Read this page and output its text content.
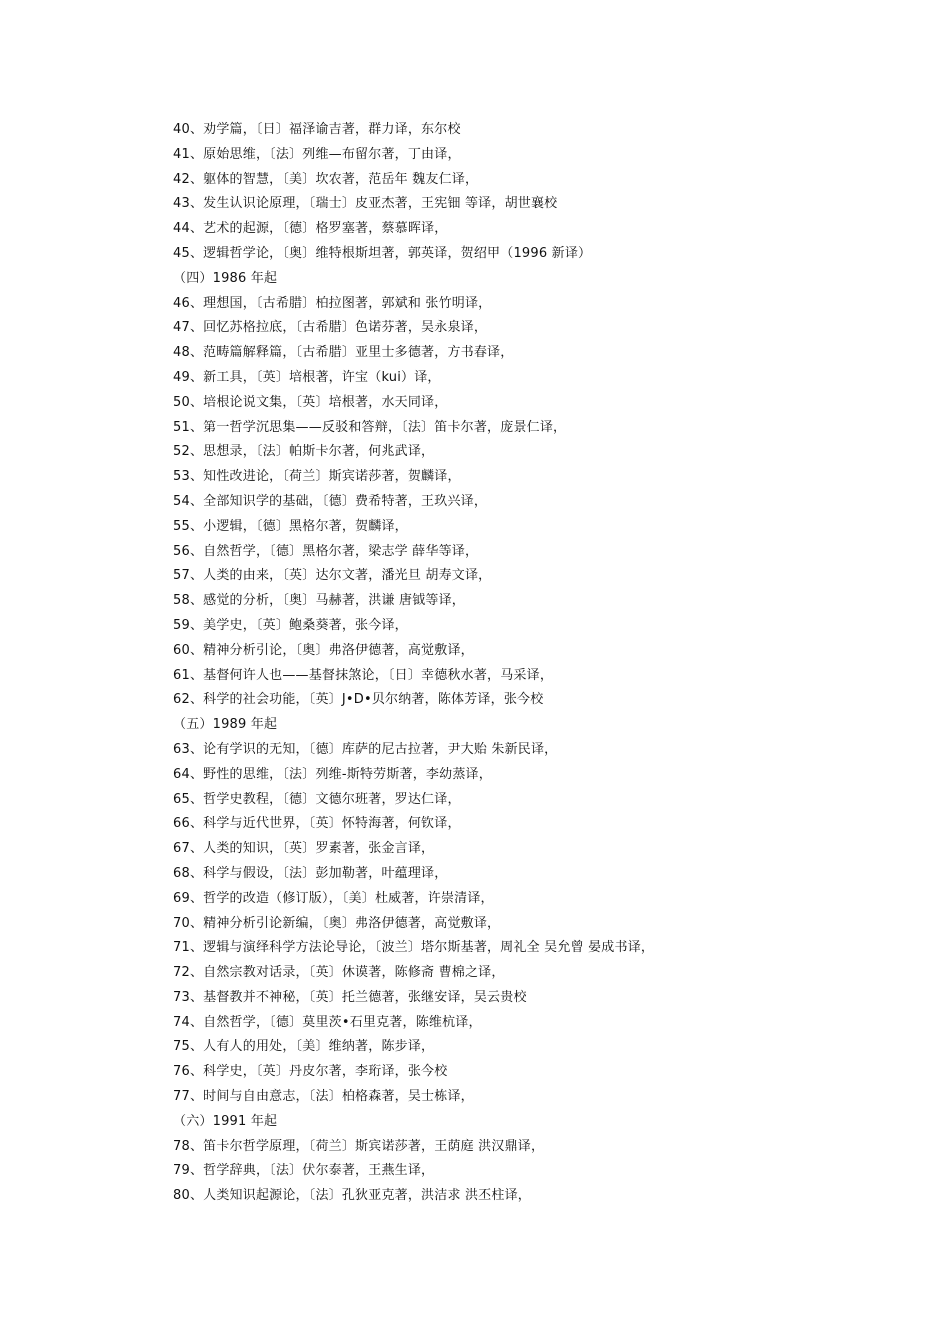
40、劝学篇，〔日〕福泽谕吉著，群力译，东尔校
41、原始思维，〔法〕列维—布留尔著，丁由译，
42、躯体的智慧，〔美〕坎农著，范岳年 魏友仁译，
43、发生认识论原理，〔瑞士〕皮亚杰著，王宪钿 等译，胡世襄校
44、艺术的起源，〔德〕格罗塞著，蔡慕晖译，
45、逻辑哲学论，〔奥〕维特根斯坦著，郭英译，贺绍甲（1996 新译）
（四）1986 年起
46、理想国，〔古希腊〕柏拉图著，郭斌和 张竹明译，
47、回忆苏格拉底，〔古希腊〕色诺芬著，吴永泉译，
48、范畴篇解释篇，〔古希腊〕亚里士多德著，方书春译，
49、新工具，〔英〕培根著，许宝（kui）译，
50、培根论说文集，〔英〕培根著，水天同译，
51、第一哲学沉思集——反驳和答辩，〔法〕笛卡尔著，庞景仁译，
52、思想录，〔法〕帕斯卡尔著，何兆武译，
53、知性改进论，〔荷兰〕斯宾诺莎著，贺麟译，
54、全部知识学的基础，〔德〕费希特著，王玖兴译，
55、小逻辑，〔德〕黑格尔著，贺麟译，
56、自然哲学，〔德〕黑格尔著，梁志学 薛华等译，
57、人类的由来，〔英〕达尔文著，潘光旦 胡寿文译，
58、感觉的分析，〔奥〕马赫著，洪谦 唐钺等译，
59、美学史，〔英〕鲍桑葵著，张今译，
60、精神分析引论，〔奥〕弗洛伊德著，高觉敷译，
61、基督何许人也——基督抹煞论，〔日〕幸德秋水著，马采译，
62、科学的社会功能，〔英〕J•D•贝尔纳著，陈体芳译，张今校
（五）1989 年起
63、论有学识的无知，〔德〕库萨的尼古拉著，尹大贻 朱新民译，
64、野性的思维，〔法〕列维-斯特劳斯著，李幼蒸译，
65、哲学史教程，〔德〕文德尔班著，罗达仁译，
66、科学与近代世界，〔英〕怀特海著，何钦译，
67、人类的知识，〔英〕罗素著，张金言译，
68、科学与假设，〔法〕彭加勒著，叶蕴理译，
69、哲学的改造（修订版），〔美〕杜威著，许崇清译，
70、精神分析引论新编，〔奥〕弗洛伊德著，高觉敷译，
71、逻辑与演绎科学方法论导论，〔波兰〕塔尔斯基著，周礼全 吴允曾 晏成书译，
72、自然宗教对话录，〔英〕休谟著，陈修斋 曹棉之译，
73、基督教并不神秘，〔英〕托兰德著，张继安译，吴云贵校
74、自然哲学，〔德〕莫里茨•石里克著，陈维杭译，
75、人有人的用处，〔美〕维纳著，陈步译，
76、科学史，〔英〕丹皮尔著，李珩译，张今校
77、时间与自由意志，〔法〕柏格森著，吴士栋译，
（六）1991 年起
78、笛卡尔哲学原理，〔荷兰〕斯宾诺莎著，王荫庭 洪汉鼎译，
79、哲学辞典，〔法〕伏尔泰著，王燕生译，
80、人类知识起源论，〔法〕孔狄亚克著，洪洁求 洪丕柱译，
